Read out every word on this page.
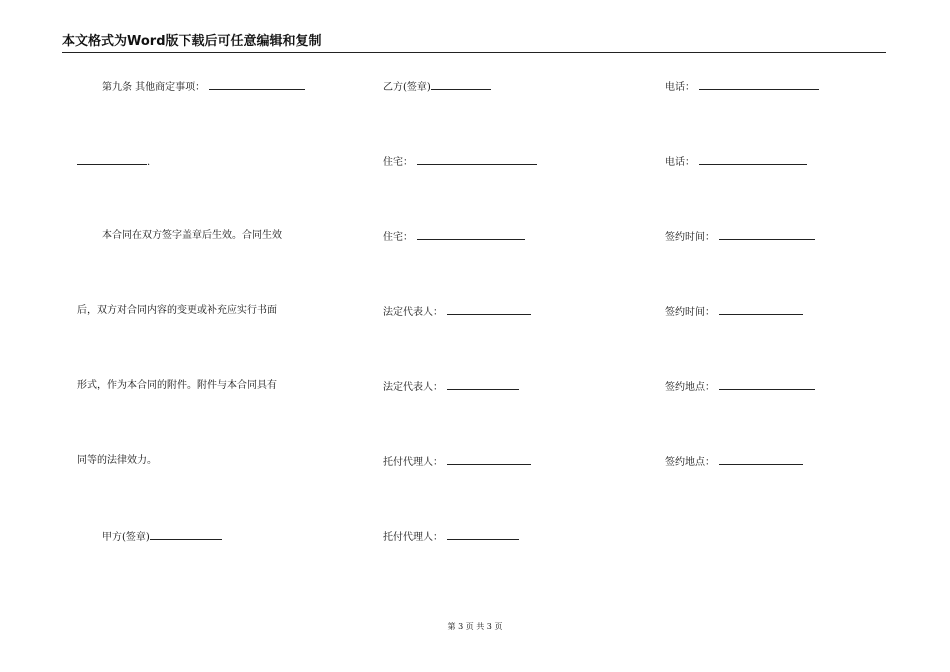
本文格式为Word版下载后可任意编辑和复制
第九条 其他商定事项：
.
本合同在双方签字盖章后生效。合同生效
后，双方对合同内容的变更或补充应实行书面
形式，作为本合同的附件。附件与本合同具有
同等的法律效力。
甲方(签章)
乙方(签章)
住宅：
住宅：
法定代表人：
法定代表人：
托付代理人：
托付代理人：
电话：
电话：
签约时间：
签约时间：
签约地点：
签约地点：
第 3 页 共 3 页
